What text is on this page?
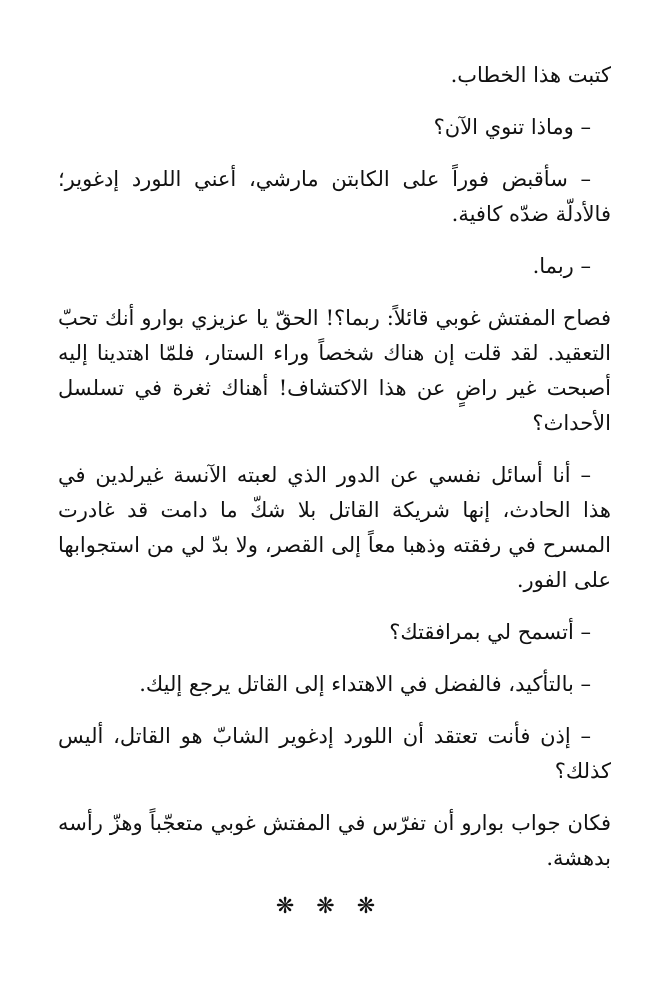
كتبت هذا الخطاب.

– وماذا تنوي الآن؟

– سأقبض فوراً على الكابتن مارشي، أعني اللورد إدغوير؛ فالأدلّة ضدّه كافية.

– ربما.

فصاح المفتش غوبي قائلاً: ربما؟! الحقّ يا عزيزي بوارو أنك تحبّ التعقيد. لقد قلت إن هناك شخصاً وراء الستار، فلمّا اهتدينا إليه أصبحت غير راضٍ عن هذا الاكتشاف! أهناك ثغرة في تسلسل الأحداث؟

– أنا أسائل نفسي عن الدور الذي لعبته الآنسة غيرلدين في هذا الحادث، إنها شريكة القاتل بلا شكّ ما دامت قد غادرت المسرح في رفقته وذهبا معاً إلى القصر، ولا بدّ لي من استجوابها على الفور.

– أتسمح لي بمرافقتك؟

– بالتأكيد، فالفضل في الاهتداء إلى القاتل يرجع إليك.

– إذن فأنت تعتقد أن اللورد إدغوير الشابّ هو القاتل، أليس كذلك؟

فكان جواب بوارو أن تفرّس في المفتش غوبي متعجّباً وهزّ رأسه بدهشة.

❋❋❋
